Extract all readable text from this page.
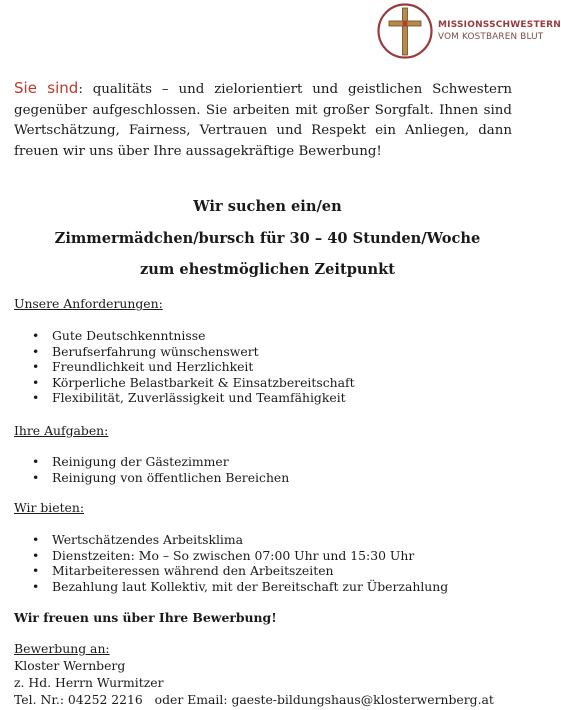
MISSIONSSCHWESTERN
VOM KOSTBAREN BLUT
Sie sind: qualitäts – und zielorientiert und geistlichen Schwestern gegenüber aufgeschlossen. Sie arbeiten mit großer Sorgfalt. Ihnen sind Wertschätzung, Fairness, Vertrauen und Respekt ein Anliegen, dann freuen wir uns über Ihre aussagekräftige Bewerbung!
Wir suchen ein/en
Zimmermädchen/bursch für 30 – 40 Stunden/Woche
zum ehestmöglichen Zeitpunkt
Unsere Anforderungen:
• Gute Deutschkenntnisse
• Berufserfahrung wünschenswert
• Freundlichkeit und Herzlichkeit
• Körperliche Belastbarkeit & Einsatzbereitschaft
• Flexibilität, Zuverlässigkeit und Teamfähigkeit
Ihre Aufgaben:
• Reinigung der Gästezimmer
• Reinigung von öffentlichen Bereichen
Wir bieten:
• Wertschätzendes Arbeitsklima
• Dienstzeiten: Mo – So zwischen 07:00 Uhr und 15:30 Uhr
• Mitarbeiteressen während den Arbeitszeiten
• Bezahlung laut Kollektiv, mit der Bereitschaft zur Überzahlung
Wir freuen uns über Ihre Bewerbung!
Bewerbung an:
Kloster Wernberg
z. Hd. Herrn Wurmitzer
Tel. Nr.: 04252 2216 oder Email: gaeste-bildungshaus@klosterwernberg.at
